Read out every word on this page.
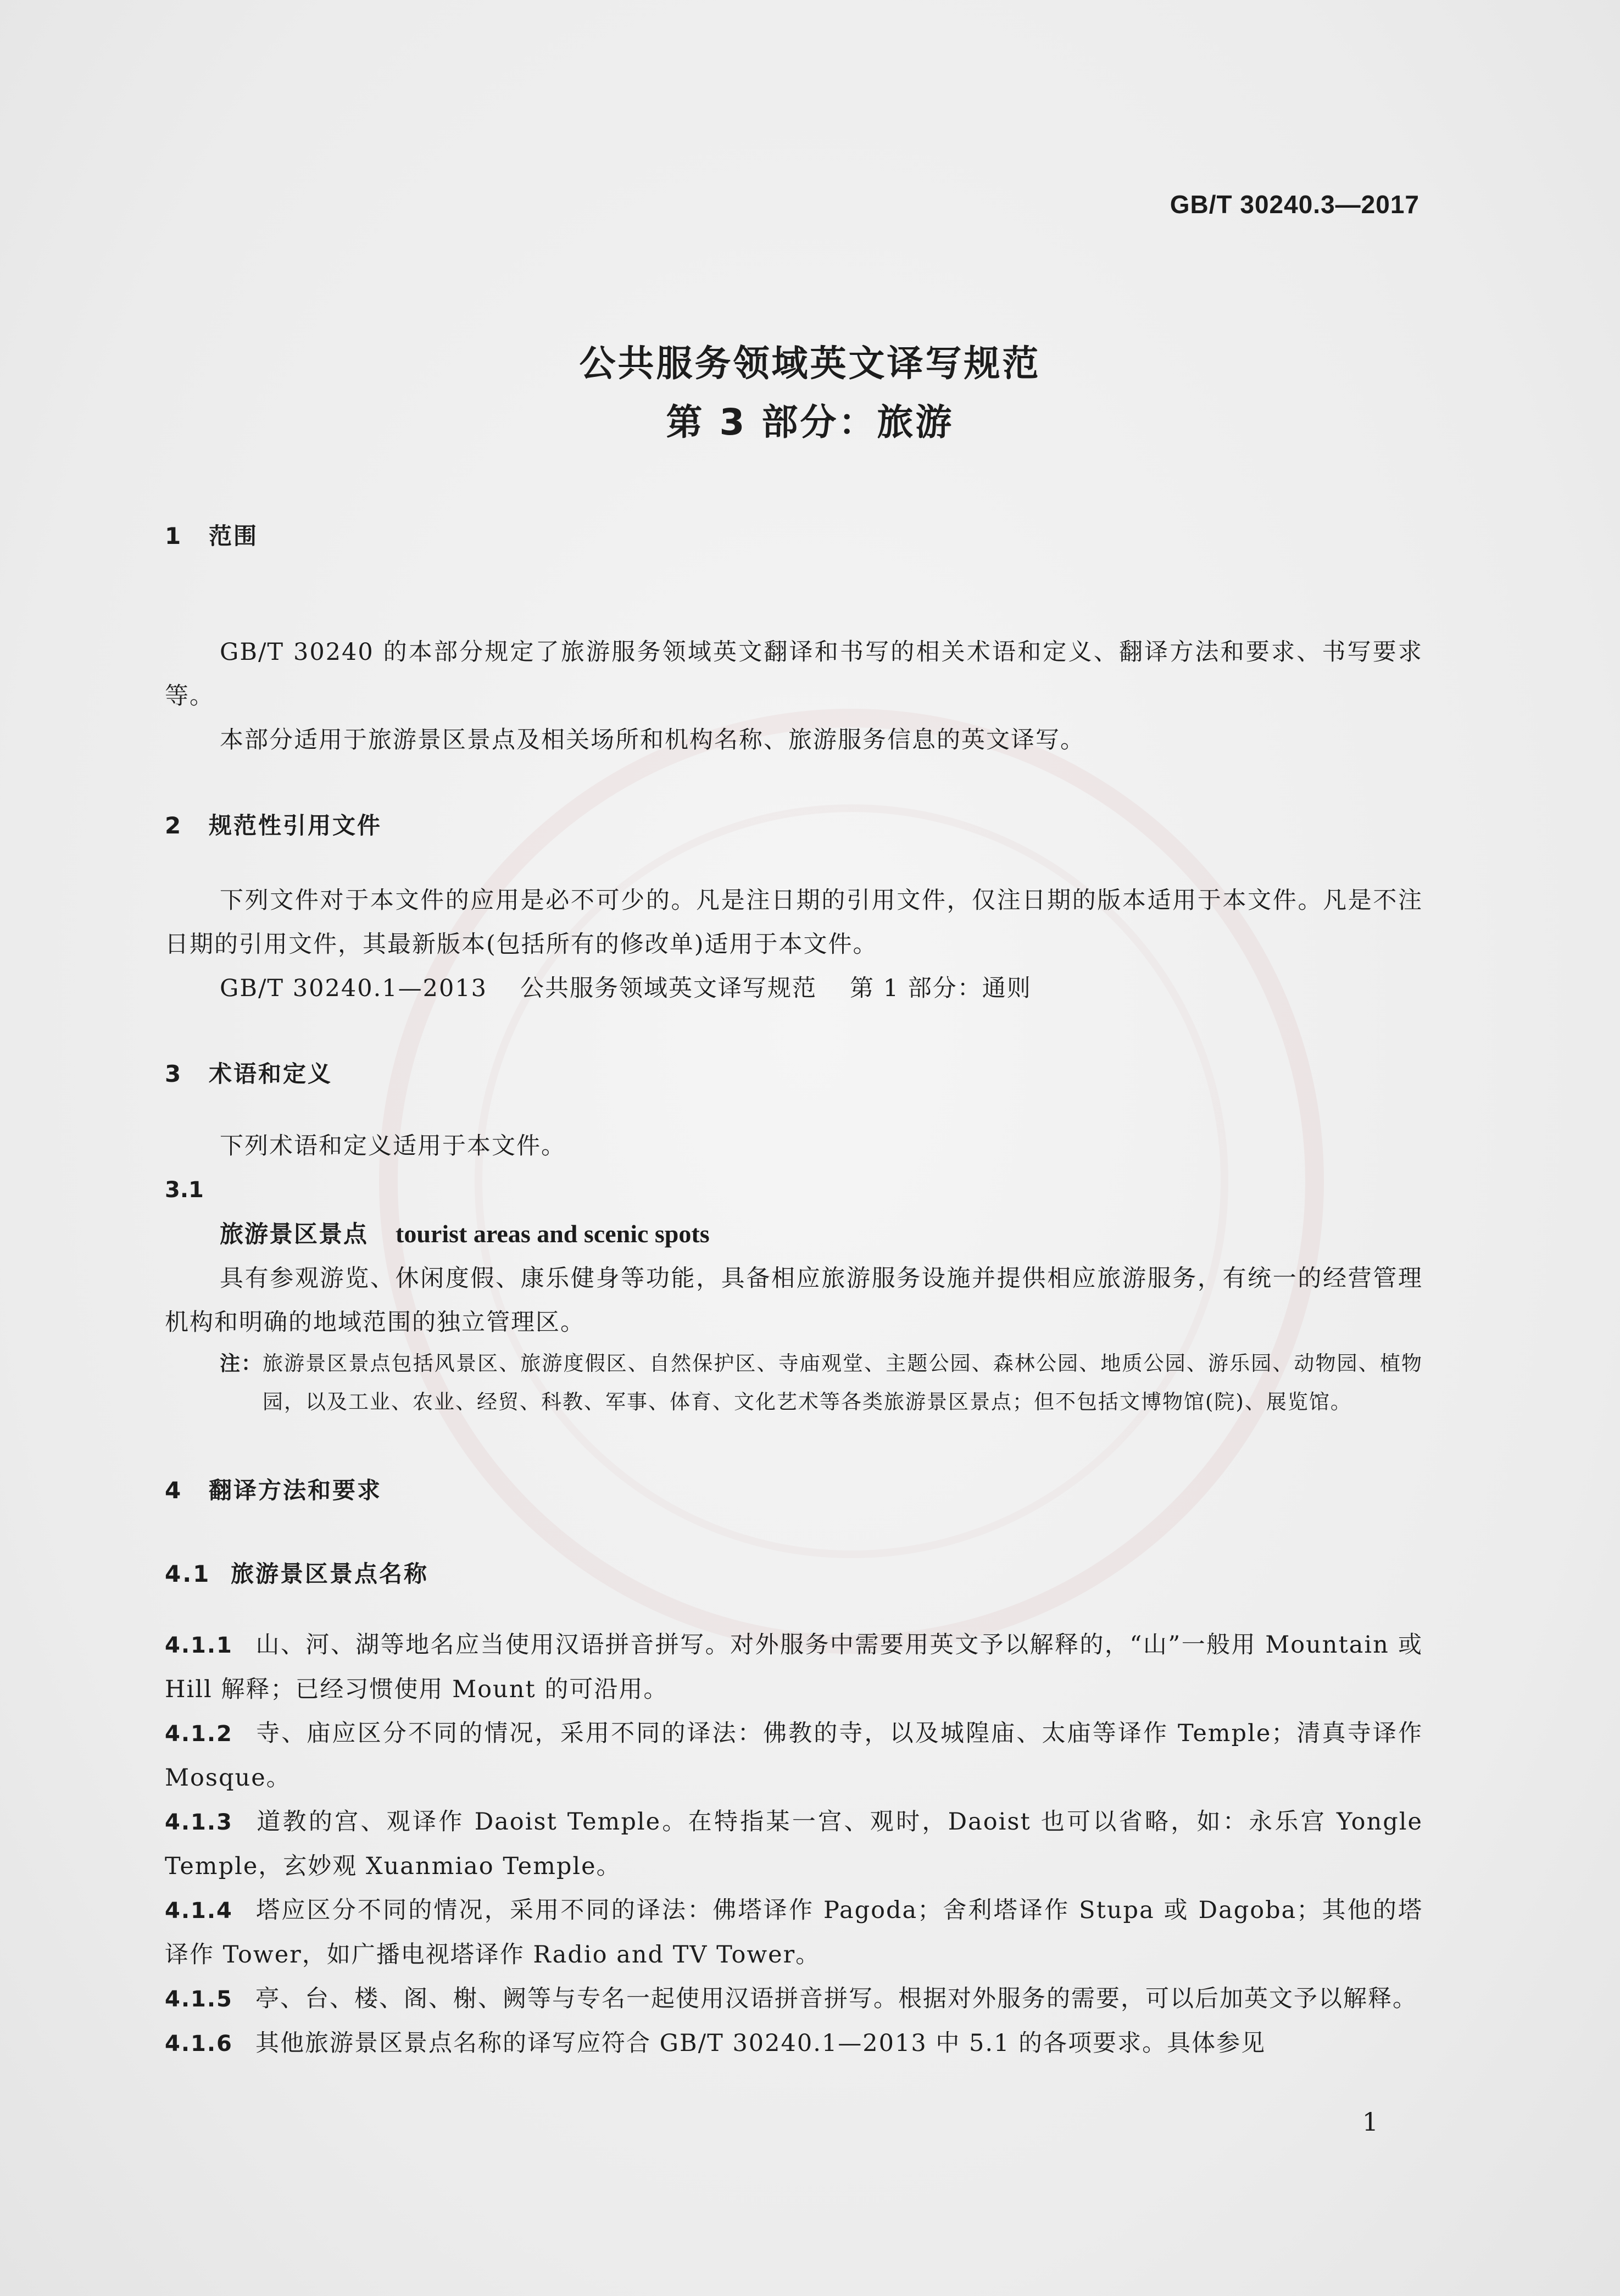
GB/T 30240.3—2017
公共服务领域英文译写规范
第 3 部分：旅游
1 范围
GB/T 30240 的本部分规定了旅游服务领域英文翻译和书写的相关术语和定义、翻译方法和要求、书写要求等。
本部分适用于旅游景区景点及相关场所和机构名称、旅游服务信息的英文译写。
2 规范性引用文件
下列文件对于本文件的应用是必不可少的。凡是注日期的引用文件，仅注日期的版本适用于本文件。凡是不注日期的引用文件，其最新版本(包括所有的修改单)适用于本文件。
GB/T 30240.1—2013 公共服务领域英文译写规范 第 1 部分：通则
3 术语和定义
下列术语和定义适用于本文件。
3.1
旅游景区景点 tourist areas and scenic spots
具有参观游览、休闲度假、康乐健身等功能，具备相应旅游服务设施并提供相应旅游服务，有统一的经营管理机构和明确的地域范围的独立管理区。
注： 旅游景区景点包括风景区、旅游度假区、自然保护区、寺庙观堂、主题公园、森林公园、地质公园、游乐园、动物园、植物园，以及工业、农业、经贸、科教、军事、体育、文化艺术等各类旅游景区景点；但不包括文博物馆(院)、展览馆。
4 翻译方法和要求
4.1 旅游景区景点名称
4.1.1 山、河、湖等地名应当使用汉语拼音拼写。对外服务中需要用英文予以解释的，“山”一般用 Mountain 或 Hill 解释；已经习惯使用 Mount 的可沿用。
4.1.2 寺、庙应区分不同的情况，采用不同的译法：佛教的寺，以及城隍庙、太庙等译作 Temple；清真寺译作 Mosque。
4.1.3 道教的宫、观译作 Daoist Temple。在特指某一宫、观时，Daoist 也可以省略，如：永乐宫 Yongle Temple，玄妙观 Xuanmiao Temple。
4.1.4 塔应区分不同的情况，采用不同的译法：佛塔译作 Pagoda；舍利塔译作 Stupa 或 Dagoba；其他的塔译作 Tower，如广播电视塔译作 Radio and TV Tower。
4.1.5 亭、台、楼、阁、榭、阙等与专名一起使用汉语拼音拼写。根据对外服务的需要，可以后加英文予以解释。
4.1.6 其他旅游景区景点名称的译写应符合 GB/T 30240.1—2013 中 5.1 的各项要求。具体参见
1
